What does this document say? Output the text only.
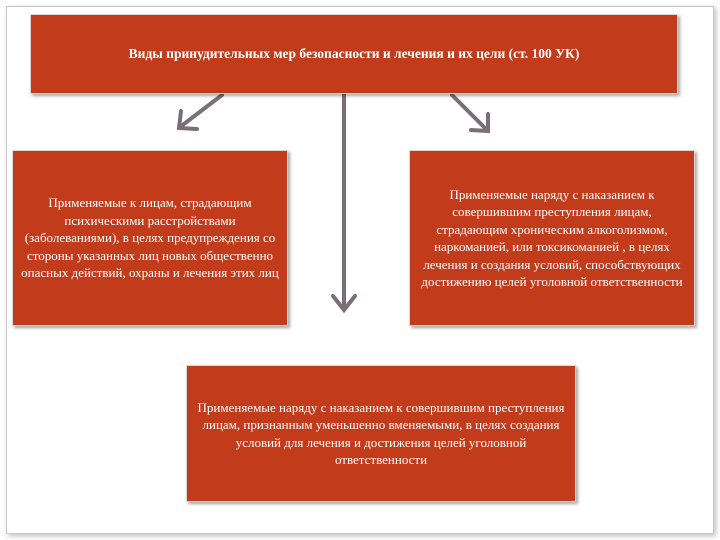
Виды принудительных мер безопасности и лечения и их цели (ст. 100 УК)
Применяемые к лицам, страдающим психическими расстройствами (заболеваниями), в целях предупреждения со стороны указанных лиц новых общественно опасных действий, охраны и лечения этих лиц
Применяемые наряду с наказанием к совершившим преступления лицам, страдающим хроническим алкоголизмом, наркоманией, или токсикоманией , в целях лечения и создания условий, способствующих достижению целей уголовной ответственности
Применяемые наряду с наказанием к совершившим преступления лицам, признанным уменьшенно вменяемыми, в целях создания условий для лечения и достижения целей уголовной ответственности
